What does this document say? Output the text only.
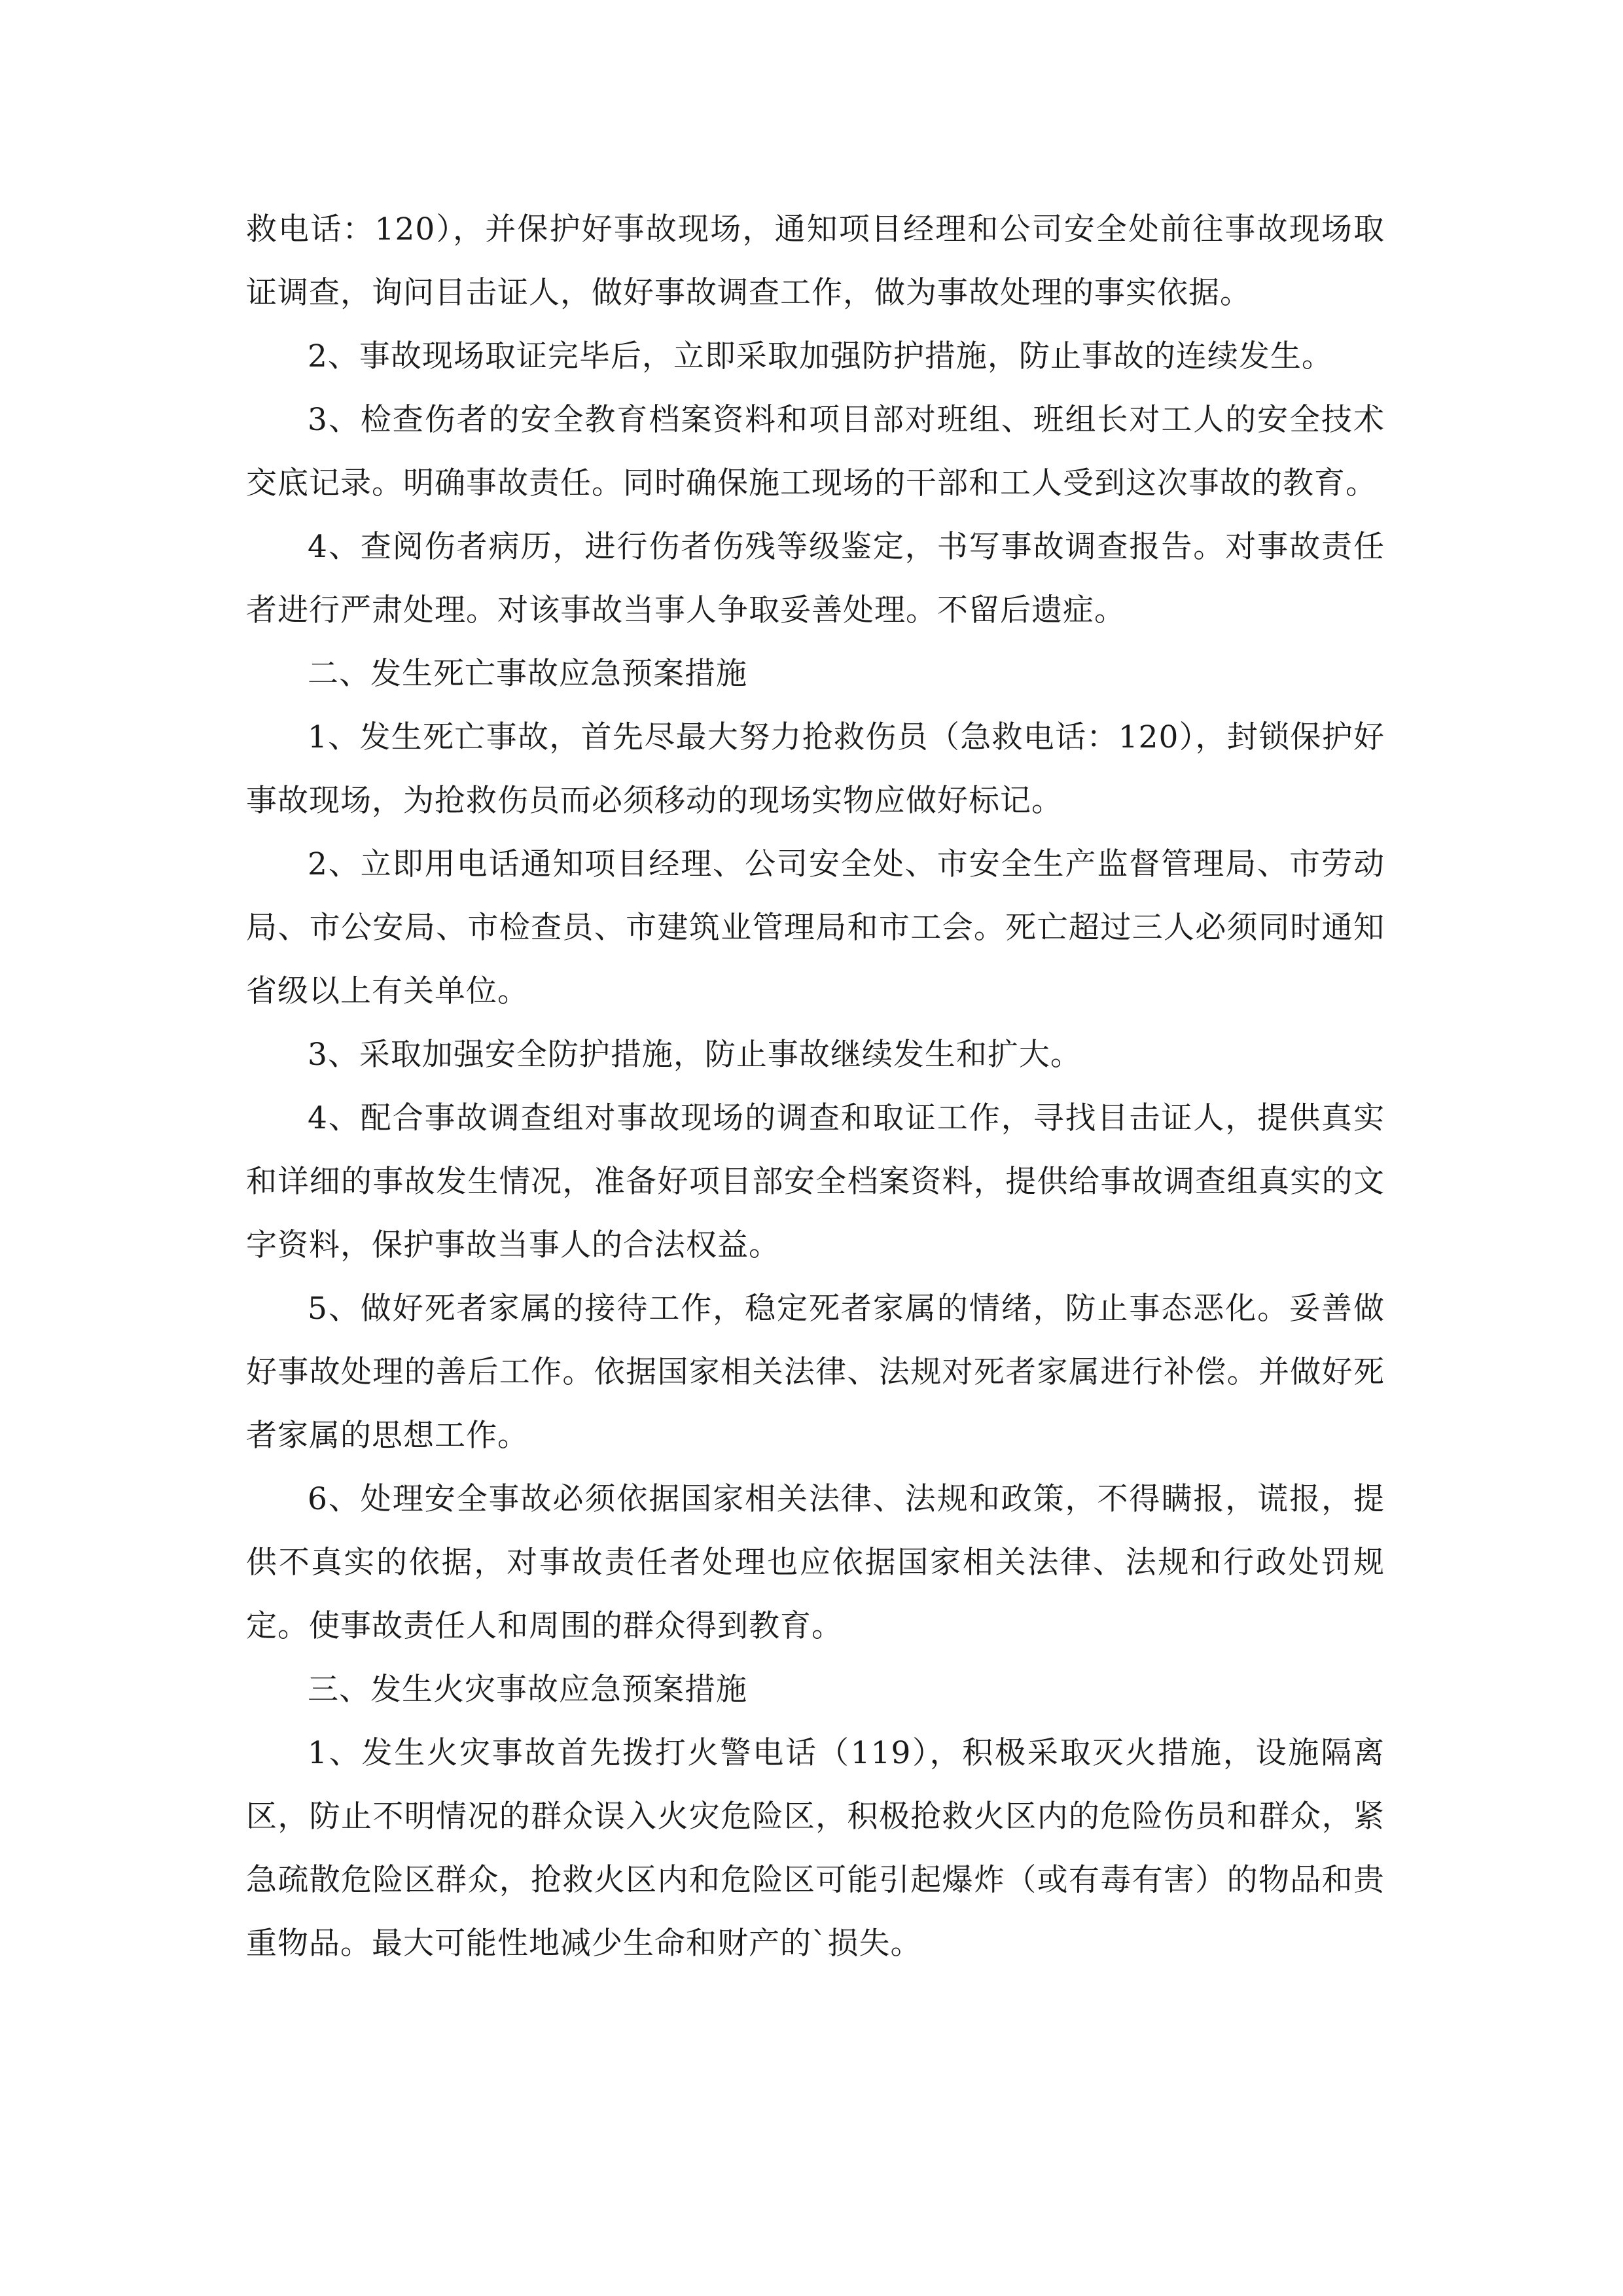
救电话：120），并保护好事故现场，通知项目经理和公司安全处前往事故现场取证调查，询问目击证人，做好事故调查工作，做为事故处理的事实依据。

2、事故现场取证完毕后，立即采取加强防护措施，防止事故的连续发生。

3、检查伤者的安全教育档案资料和项目部对班组、班组长对工人的安全技术交底记录。明确事故责任。同时确保施工现场的干部和工人受到这次事故的教育。

4、查阅伤者病历，进行伤者伤残等级鉴定，书写事故调查报告。对事故责任者进行严肃处理。对该事故当事人争取妥善处理。不留后遗症。

二、发生死亡事故应急预案措施

1、发生死亡事故，首先尽最大努力抢救伤员（急救电话：120），封锁保护好事故现场，为抢救伤员而必须移动的现场实物应做好标记。

2、立即用电话通知项目经理、公司安全处、市安全生产监督管理局、市劳动局、市公安局、市检查员、市建筑业管理局和市工会。死亡超过三人必须同时通知省级以上有关单位。

3、采取加强安全防护措施，防止事故继续发生和扩大。

4、配合事故调查组对事故现场的调查和取证工作，寻找目击证人，提供真实和详细的事故发生情况，准备好项目部安全档案资料，提供给事故调查组真实的文字资料，保护事故当事人的合法权益。

5、做好死者家属的接待工作，稳定死者家属的情绪，防止事态恶化。妥善做好事故处理的善后工作。依据国家相关法律、法规对死者家属进行补偿。并做好死者家属的思想工作。

6、处理安全事故必须依据国家相关法律、法规和政策，不得瞒报，谎报，提供不真实的依据，对事故责任者处理也应依据国家相关法律、法规和行政处罚规定。使事故责任人和周围的群众得到教育。

三、发生火灾事故应急预案措施

1、发生火灾事故首先拨打火警电话（119），积极采取灭火措施，设施隔离区，防止不明情况的群众误入火灾危险区，积极抢救火区内的危险伤员和群众，紧急疏散危险区群众，抢救火区内和危险区可能引起爆炸（或有毒有害）的物品和贵重物品。最大可能性地减少生命和财产的`损失。
